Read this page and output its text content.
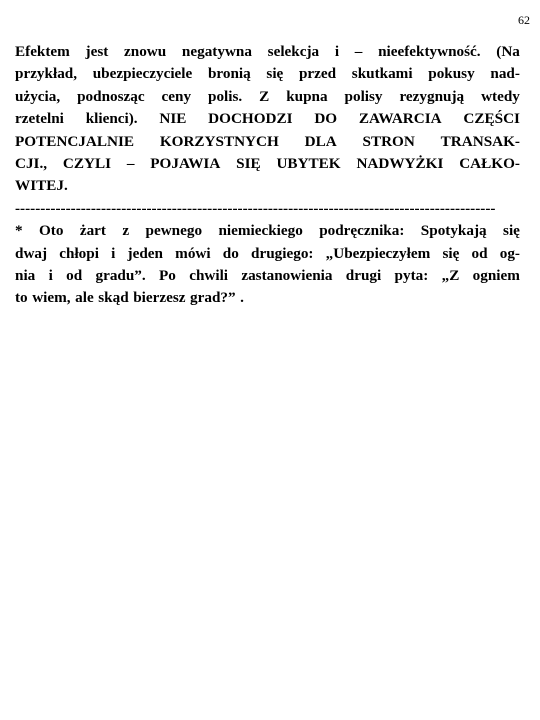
62
Efektem jest znowu negatywna selekcja i – nieefektywność. (Na
przykład, ubezpieczyciele bronią się przed skutkami pokusy nad-
użycia, podnosząc ceny polis. Z kupna polisy rezygnują wtedy
rzetelni klienci). NIE DOCHODZI DO ZAWARCIA CZĘŚCI
POTENCJALNIE KORZYSTNYCH DLA STRON TRANSAK-
CJI., CZYLI – POJAWIA SIĘ UBYTEK NADWYŻKI CAŁKO-
WITEJ.
-----------------------------------------------------------------------------------------------
* Oto żart z pewnego niemieckiego podręcznika: Spotykają się
dwaj chłopi i jeden mówi do drugiego: „Ubezpieczyłem się od og-
nia i od gradu”. Po chwili zastanowienia drugi pyta: „Z ogniem
to wiem, ale skąd bierzesz grad?” .
